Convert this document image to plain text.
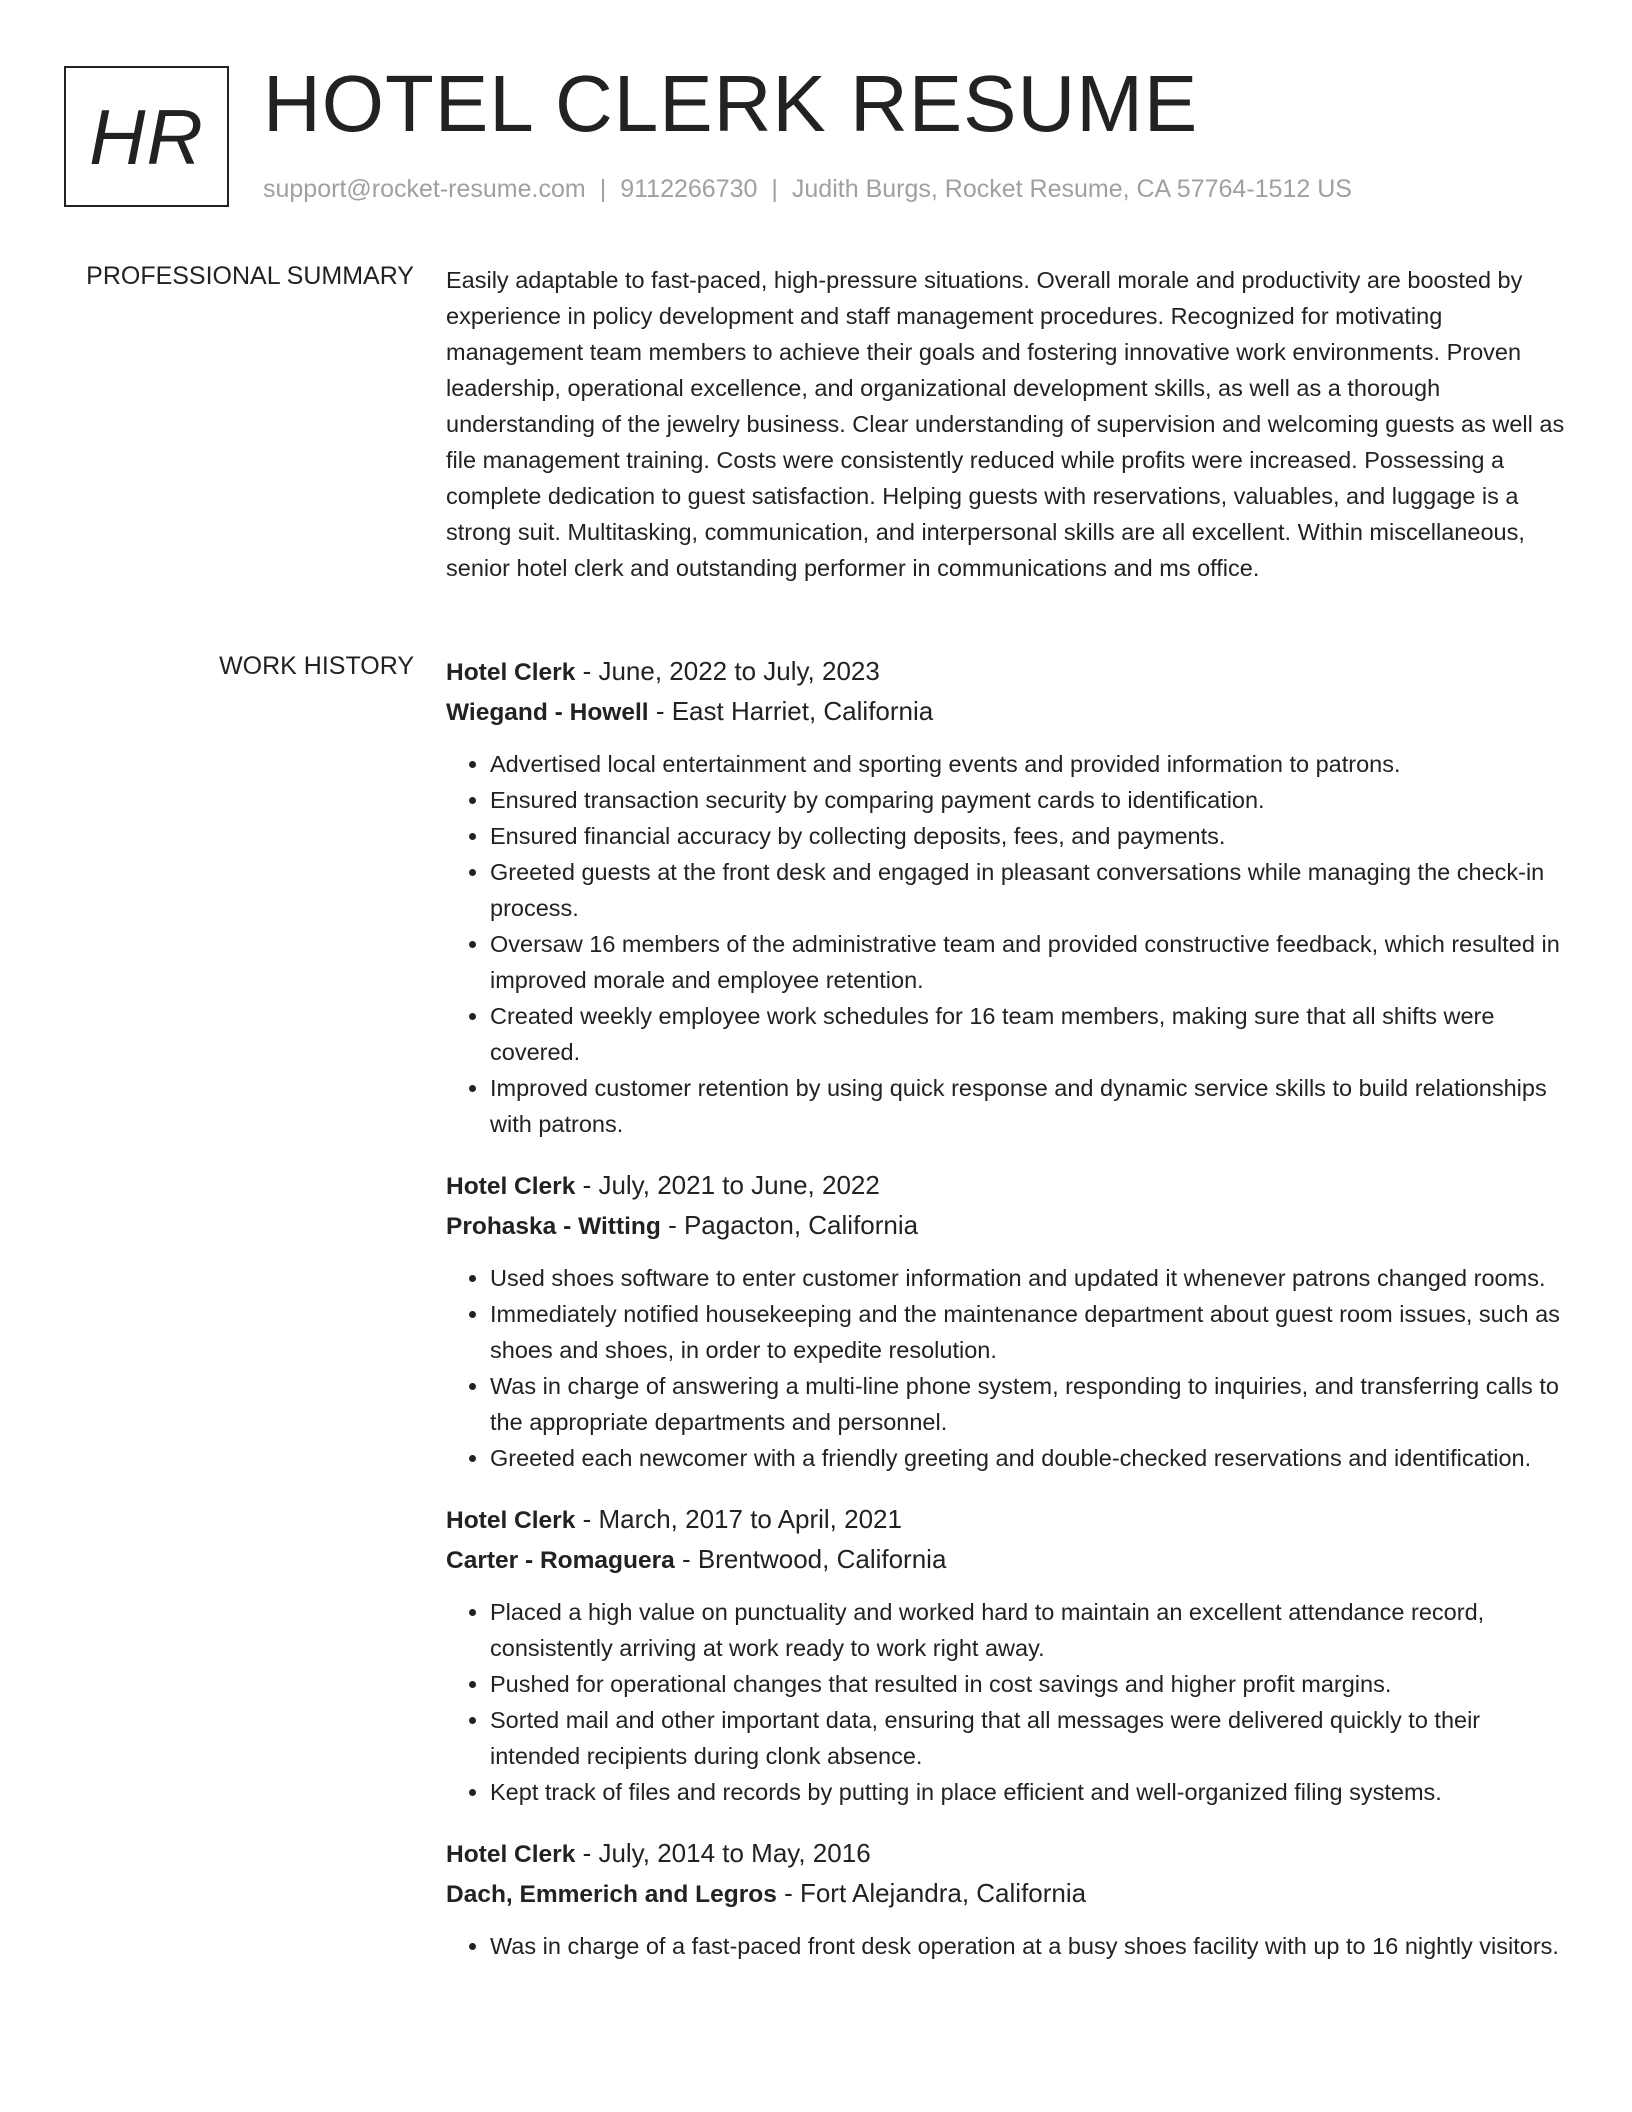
HR HOTEL CLERK RESUME
support@rocket-resume.com | 9112266730 | Judith Burgs, Rocket Resume, CA 57764-1512 US
PROFESSIONAL SUMMARY Easily adaptable to fast-paced, high-pressure situations. Overall morale and productivity are boosted by experience in policy development and staff management procedures. Recognized for motivating management team members to achieve their goals and fostering innovative work environments. Proven leadership, operational excellence, and organizational development skills, as well as a thorough understanding of the jewelry business. Clear understanding of supervision and welcoming guests as well as file management training. Costs were consistently reduced while profits were increased. Possessing a complete dedication to guest satisfaction. Helping guests with reservations, valuables, and luggage is a strong suit. Multitasking, communication, and interpersonal skills are all excellent. Within miscellaneous, senior hotel clerk and outstanding performer in communications and ms office.

WORK HISTORY Hotel Clerk - June, 2022 to July, 2023
Wiegand - Howell - East Harriet, California
• Advertised local entertainment and sporting events and provided information to patrons.
• Ensured transaction security by comparing payment cards to identification.
• Ensured financial accuracy by collecting deposits, fees, and payments.
• Greeted guests at the front desk and engaged in pleasant conversations while managing the check-in process.
• Oversaw 16 members of the administrative team and provided constructive feedback, which resulted in improved morale and employee retention.
• Created weekly employee work schedules for 16 team members, making sure that all shifts were covered.
• Improved customer retention by using quick response and dynamic service skills to build relationships with patrons.
Hotel Clerk - July, 2021 to June, 2022
Prohaska - Witting - Pagacton, California
• Used shoes software to enter customer information and updated it whenever patrons changed rooms.
• Immediately notified housekeeping and the maintenance department about guest room issues, such as shoes and shoes, in order to expedite resolution.
• Was in charge of answering a multi-line phone system, responding to inquiries, and transferring calls to the appropriate departments and personnel.
• Greeted each newcomer with a friendly greeting and double-checked reservations and identification.
Hotel Clerk - March, 2017 to April, 2021
Carter - Romaguera - Brentwood, California
• Placed a high value on punctuality and worked hard to maintain an excellent attendance record, consistently arriving at work ready to work right away.
• Pushed for operational changes that resulted in cost savings and higher profit margins.
• Sorted mail and other important data, ensuring that all messages were delivered quickly to their intended recipients during clonk absence.
• Kept track of files and records by putting in place efficient and well-organized filing systems.
Hotel Clerk - July, 2014 to May, 2016
Dach, Emmerich and Legros - Fort Alejandra, California
• Was in charge of a fast-paced front desk operation at a busy shoes facility with up to 16 nightly visitors.
